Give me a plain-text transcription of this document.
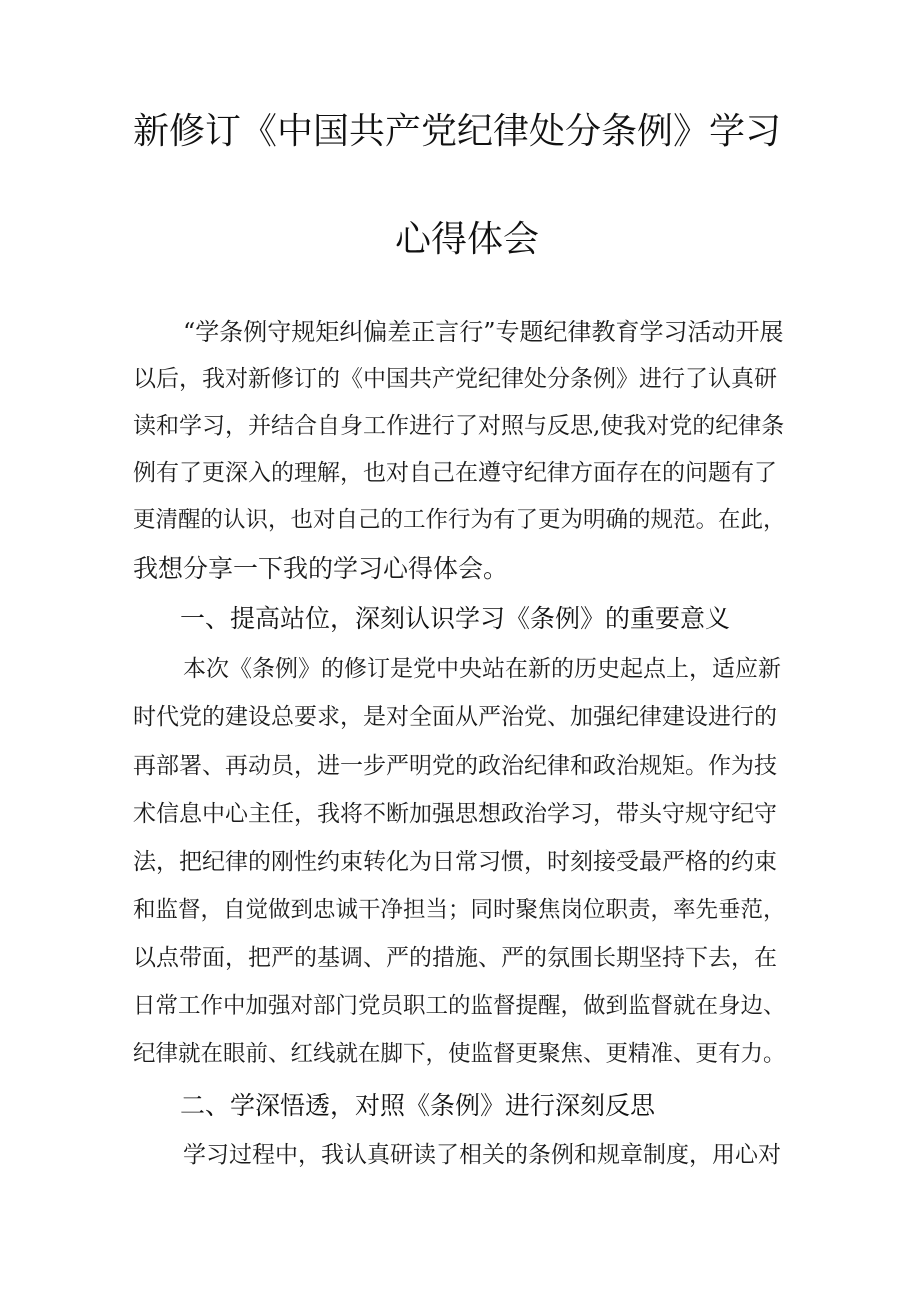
新修订《中国共产党纪律处分条例》学习
心得体会
“学条例守规矩纠偏差正言行”专题纪律教育学习活动开展
以后，我对新修订的《中国共产党纪律处分条例》进行了认真研
读和学习，并结合自身工作进行了对照与反思,使我对党的纪律条
例有了更深入的理解，也对自己在遵守纪律方面存在的问题有了
更清醒的认识，也对自己的工作行为有了更为明确的规范。在此，
我想分享一下我的学习心得体会。
一、提高站位，深刻认识学习《条例》的重要意义
本次《条例》的修订是党中央站在新的历史起点上，适应新
时代党的建设总要求，是对全面从严治党、加强纪律建设进行的
再部署、再动员，进一步严明党的政治纪律和政治规矩。作为技
术信息中心主任，我将不断加强思想政治学习，带头守规守纪守
法，把纪律的刚性约束转化为日常习惯，时刻接受最严格的约束
和监督，自觉做到忠诚干净担当；同时聚焦岗位职责，率先垂范，
以点带面，把严的基调、严的措施、严的氛围长期坚持下去，在
日常工作中加强对部门党员职工的监督提醒，做到监督就在身边、
纪律就在眼前、红线就在脚下，使监督更聚焦、更精准、更有力。
二、学深悟透，对照《条例》进行深刻反思
学习过程中，我认真研读了相关的条例和规章制度，用心对
